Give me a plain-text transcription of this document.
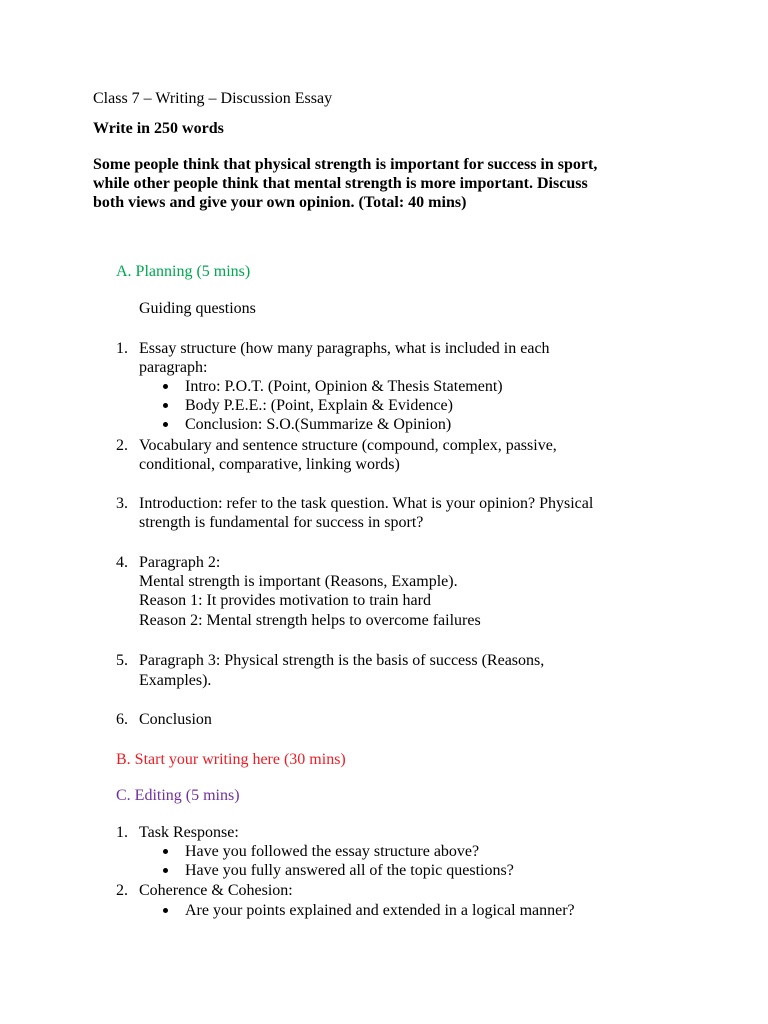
Class 7 – Writing – Discussion Essay
Write in 250 words
Some people think that physical strength is important for success in sport,
while other people think that mental strength is more important. Discuss
both views and give your own opinion. (Total: 40 mins)
A. Planning (5 mins)
Guiding questions
1. Essay structure (how many paragraphs, what is included in each
paragraph:
Intro: P.O.T. (Point, Opinion & Thesis Statement)
Body P.E.E.: (Point, Explain & Evidence)
Conclusion: S.O.(Summarize & Opinion)
2. Vocabulary and sentence structure (compound, complex, passive,
conditional, comparative, linking words)
3. Introduction: refer to the task question. What is your opinion? Physical
strength is fundamental for success in sport?
4. Paragraph 2:
Mental strength is important (Reasons, Example).
Reason 1: It provides motivation to train hard
Reason 2: Mental strength helps to overcome failures
5. Paragraph 3: Physical strength is the basis of success (Reasons,
Examples).
6. Conclusion
B. Start your writing here (30 mins)
C. Editing (5 mins)
1. Task Response:
Have you followed the essay structure above?
Have you fully answered all of the topic questions?
2. Coherence & Cohesion:
Are your points explained and extended in a logical manner?
